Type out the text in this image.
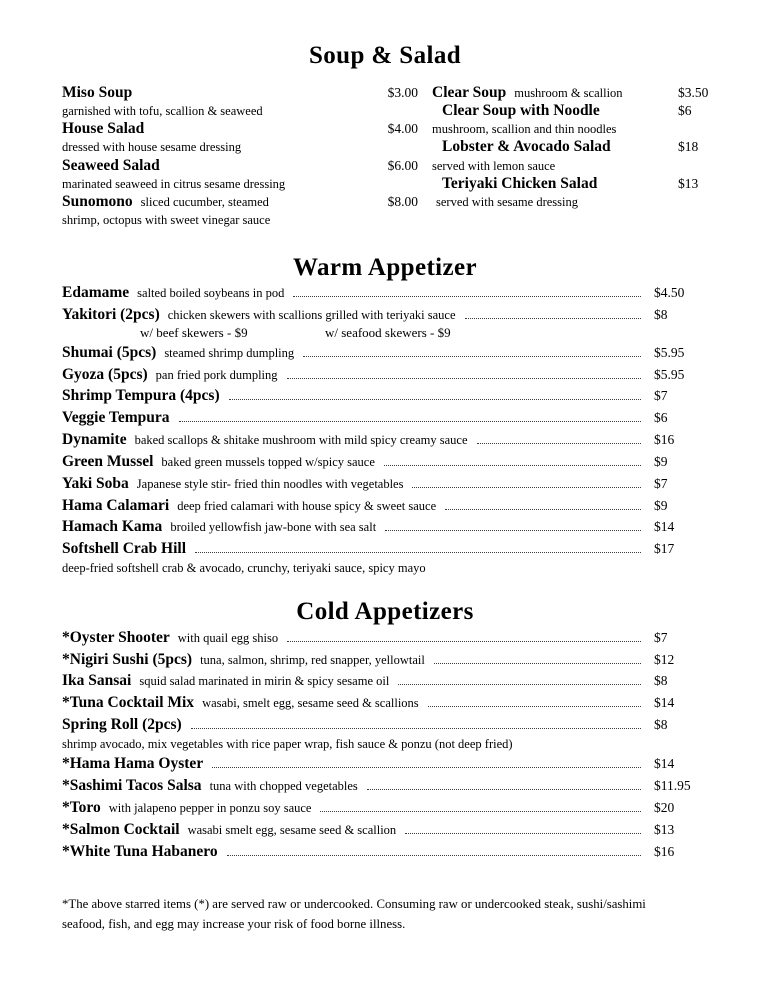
Soup & Salad
Miso Soup	$3.00
garnished with tofu, scallion & seaweed
House Salad	$4.00
dressed with house sesame dressing
Seaweed Salad	$6.00
marinated seaweed in citrus sesame dressing
Sunomono sliced cucumber, steamed	$8.00
shrimp, octopus with sweet vinegar sauce
Clear Soup mushroom & scallion	$3.50
Clear Soup with Noodle	$6
mushroom, scallion and thin noodles
Lobster & Avocado Salad	$18
served with lemon sauce
Teriyaki Chicken Salad	$13
served with sesame dressing
Warm Appetizer
Edamame salted boiled soybeans in pod	$4.50
Yakitori (2pcs) chicken skewers with scallions grilled with teriyaki sauce	$8
w/ beef skewers - $9	w/ seafood skewers - $9
Shumai (5pcs) steamed shrimp dumpling	$5.95
Gyoza (5pcs) pan fried pork dumpling	$5.95
Shrimp Tempura (4pcs)	$7
Veggie Tempura	$6
Dynamite baked scallops & shitake mushroom with mild spicy creamy sauce	$16
Green Mussel baked green mussels topped w/spicy sauce	$9
Yaki Soba Japanese style stir- fried thin noodles with vegetables	$7
Hama Calamari deep fried calamari with house spicy & sweet sauce	$9
Hamach Kama broiled yellowfish jaw-bone with sea salt	$14
Softshell Crab Hill	$17
deep-fried softshell crab & avocado, crunchy, teriyaki sauce, spicy mayo
Cold Appetizers
*Oyster Shooter with quail egg shiso	$7
*Nigiri Sushi (5pcs) tuna, salmon, shrimp, red snapper, yellowtail	$12
Ika Sansai squid salad marinated in mirin & spicy sesame oil	$8
*Tuna Cocktail Mix wasabi, smelt egg, sesame seed & scallions	$14
Spring Roll (2pcs)	$8
shrimp avocado, mix vegetables with rice paper wrap, fish sauce & ponzu (not deep fried)
*Hama Hama Oyster	$14
*Sashimi Tacos Salsa tuna with chopped vegetables	$11.95
*Toro with jalapeno pepper in ponzu soy sauce	$20
*Salmon Cocktail wasabi smelt egg, sesame seed & scallion	$13
*White Tuna Habanero	$16
*The above starred items (*) are served raw or undercooked. Consuming raw or undercooked steak, sushi/sashimi
seafood, fish, and egg may increase your risk of food borne illness.
